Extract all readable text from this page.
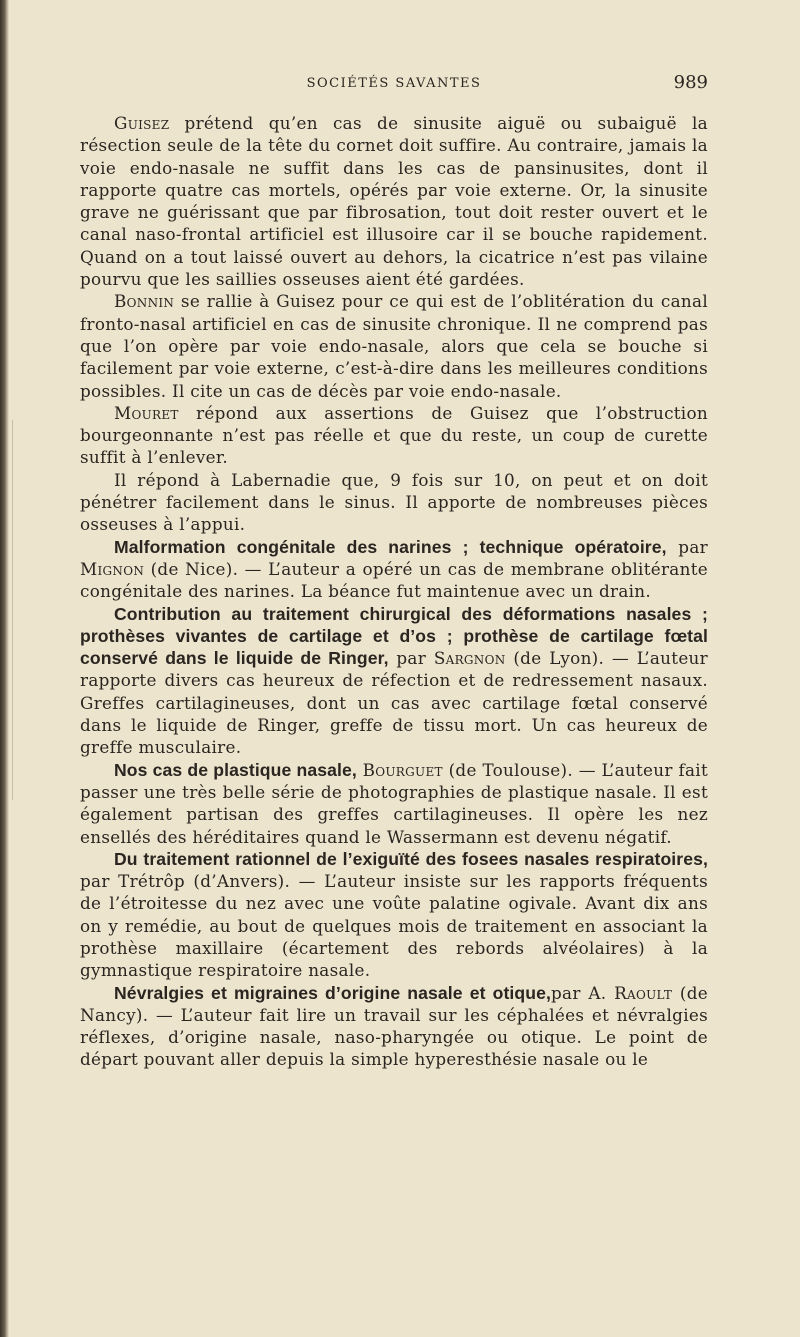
SOCIÉTÉS SAVANTES	989

Guisez prétend qu’en cas de sinusite aiguë ou subaiguë la résection seule de la tête du cornet doit suffire. Au contraire, jamais la voie endo-nasale ne suffit dans les cas de pansinusites, dont il rapporte quatre cas mortels, opérés par voie externe. Or, la sinusite grave ne guérissant que par fibrosation, tout doit rester ouvert et le canal naso-frontal artificiel est illusoire car il se bouche rapidement. Quand on a tout laissé ouvert au dehors, la cicatrice n’est pas vilaine pourvu que les saillies osseuses aient été gardées.

Bonnin se rallie à Guisez pour ce qui est de l’oblitération du canal fronto-nasal artificiel en cas de sinusite chronique. Il ne comprend pas que l’on opère par voie endo-nasale, alors que cela se bouche si facilement par voie externe, c’est-à-dire dans les meilleures conditions possibles. Il cite un cas de décès par voie endo-nasale.

Mouret répond aux assertions de Guisez que l’obstruction bourgeonnante n’est pas réelle et que du reste, un coup de curette suffit à l’enlever.

Il répond à Labernadie que, 9 fois sur 10, on peut et on doit pénétrer facilement dans le sinus. Il apporte de nombreuses pièces osseuses à l’appui.

Malformation congénitale des narines ; technique opératoire, par Mignon (de Nice). — L’auteur a opéré un cas de membrane oblitérante congénitale des narines. La béance fut maintenue avec un drain.

Contribution au traitement chirurgical des déformations nasales ; prothèses vivantes de cartilage et d’os ; prothèse de cartilage fœtal conservé dans le liquide de Ringer, par Sargnon (de Lyon). — L’auteur rapporte divers cas heureux de réfection et de redressement nasaux. Greffes cartilagineuses, dont un cas avec cartilage fœtal conservé dans le liquide de Ringer, greffe de tissu mort. Un cas heureux de greffe musculaire.

Nos cas de plastique nasale, Bourguet (de Toulouse). — L’auteur fait passer une très belle série de photographies de plastique nasale. Il est également partisan des greffes cartilagineuses. Il opère les nez ensellés des héréditaires quand le Wassermann est devenu négatif.

Du traitement rationnel de l’exiguïté des fosees nasales respiratoires, par Trétrôp (d’Anvers). — L’auteur insiste sur les rapports fréquents de l’étroitesse du nez avec une voûte palatine ogivale. Avant dix ans on y remédie, au bout de quelques mois de traitement en associant la prothèse maxillaire (écartement des rebords alvéolaires) à la gymnastique respiratoire nasale.

Névralgies et migraines d’origine nasale et otique,par A. Raoult (de Nancy). — L’auteur fait lire un travail sur les céphalées et névralgies réflexes, d’origine nasale, naso-pharyngée ou otique. Le point de départ pouvant aller depuis la simple hyperesthésie nasale ou le
